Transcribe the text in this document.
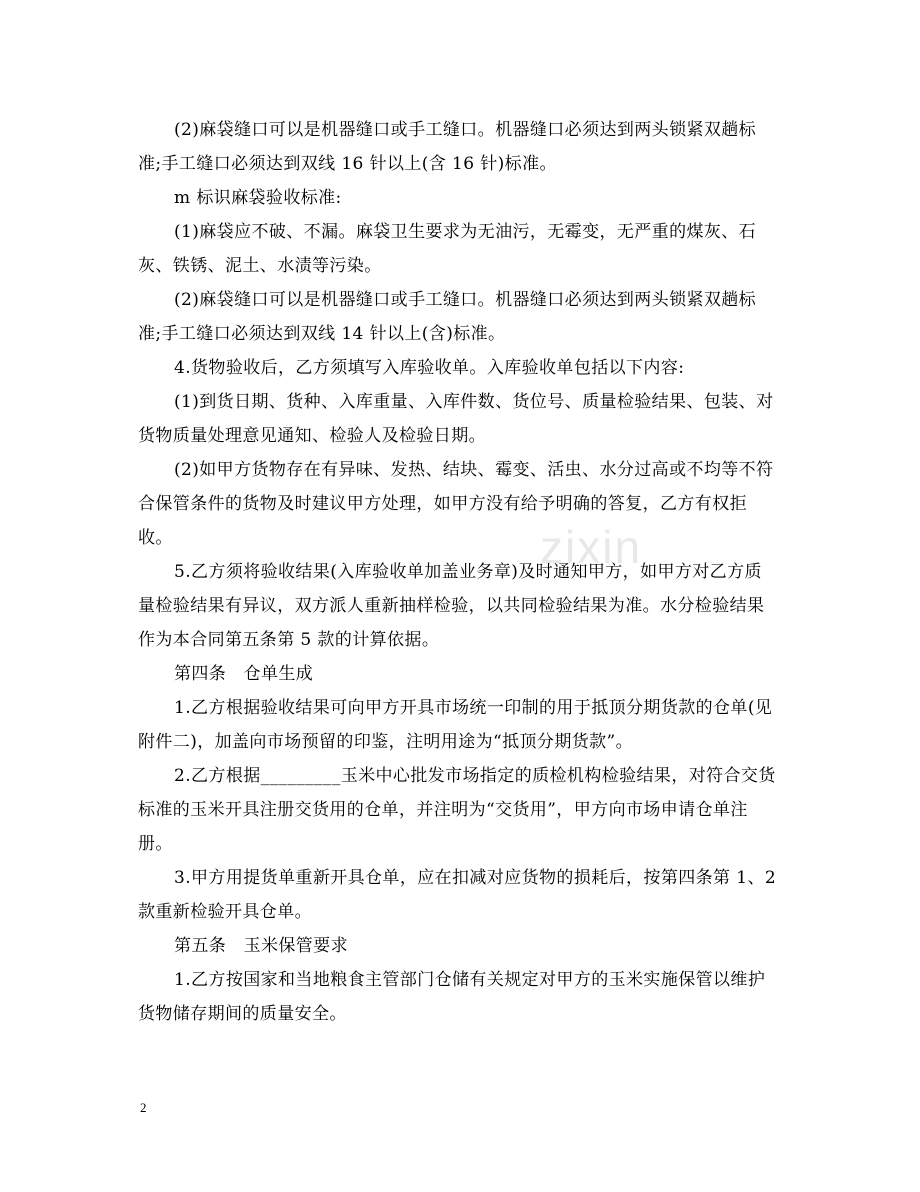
zixin

(2)麻袋缝口可以是机器缝口或手工缝口。机器缝口必须达到两头锁紧双趟标准;手工缝口必须达到双线 16 针以上(含 16 针)标准。

m 标识麻袋验收标准:

(1)麻袋应不破、不漏。麻袋卫生要求为无油污，无霉变，无严重的煤灰、石灰、铁锈、泥土、水渍等污染。

(2)麻袋缝口可以是机器缝口或手工缝口。机器缝口必须达到两头锁紧双趟标准;手工缝口必须达到双线 14 针以上(含)标准。

4.货物验收后，乙方须填写入库验收单。入库验收单包括以下内容:

(1)到货日期、货种、入库重量、入库件数、货位号、质量检验结果、包装、对货物质量处理意见通知、检验人及检验日期。

(2)如甲方货物存在有异味、发热、结块、霉变、活虫、水分过高或不均等不符合保管条件的货物及时建议甲方处理，如甲方没有给予明确的答复，乙方有权拒收。

5.乙方须将验收结果(入库验收单加盖业务章)及时通知甲方，如甲方对乙方质量检验结果有异议，双方派人重新抽样检验，以共同检验结果为准。水分检验结果作为本合同第五条第 5 款的计算依据。

第四条　仓单生成

1.乙方根据验收结果可向甲方开具市场统一印制的用于抵顶分期货款的仓单(见附件二)，加盖向市场预留的印鉴，注明用途为“抵顶分期货款”。

2.乙方根据_________玉米中心批发市场指定的质检机构检验结果，对符合交货标准的玉米开具注册交货用的仓单，并注明为“交货用”，甲方向市场申请仓单注册。

3.甲方用提货单重新开具仓单，应在扣减对应货物的损耗后，按第四条第 1、2 款重新检验开具仓单。

第五条　玉米保管要求

1.乙方按国家和当地粮食主管部门仓储有关规定对甲方的玉米实施保管以维护货物储存期间的质量安全。

2
